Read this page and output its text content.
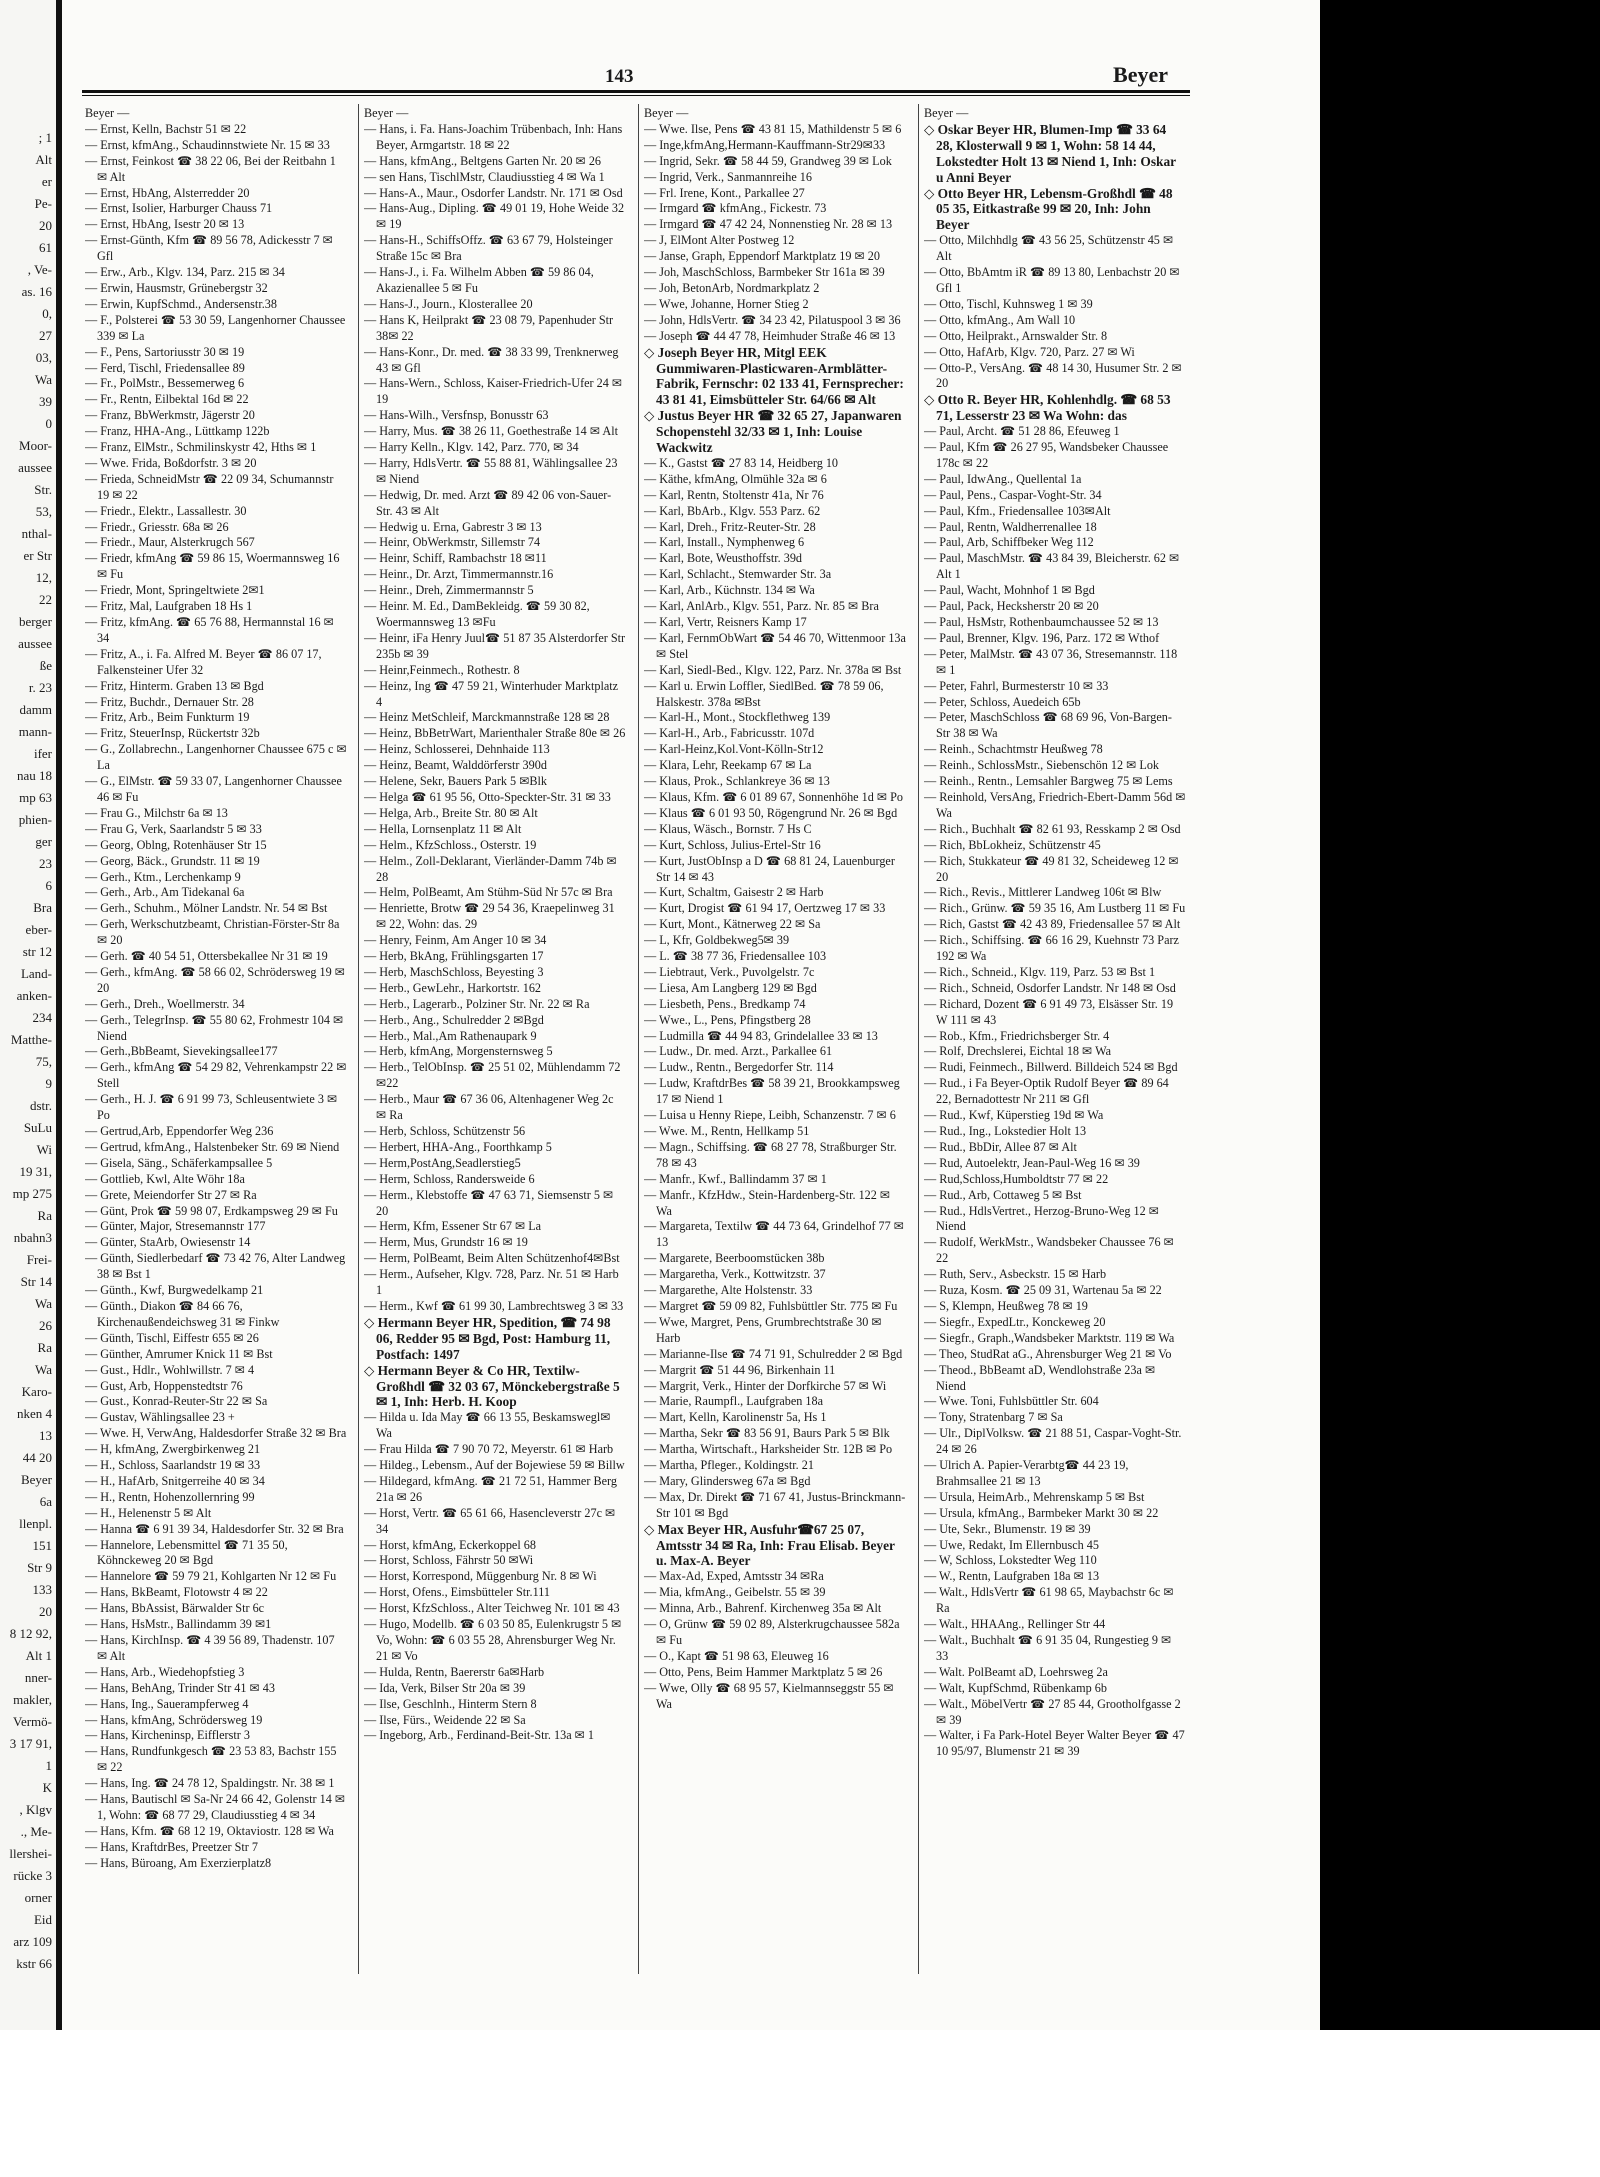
; 1
Alt
er
Pe-
20
61
, Ve-
as. 16
0,
27
03,
Wa
39
0
Moor-
aussee
Str.
53,
nthal-
er Str
12,
22
berger
aussee
ße
r. 23
damm
mann-
ifer
nau 18
mp 63
phien-
ger
23
6
Bra
eber-
str 12
Land-
anken-
234
Matthe-
75,
9
dstr.
SuLu
Wi
19 31,
mp 275
Ra
nbahn3
Frei-
Str 14
Wa
26
Ra
Wa
Karo-
nken 4
13
44 20
Beyer
6a
llenpl.
151
Str 9
133
20
8 12 92,
Alt 1
nner-
makler,
Vermö-
3 17 91,
1
K
, Klgv
., Me-
llershei-
rücke 3
orner
Eid
arz 109
kstr 66
143	Beyer

Beyer —

— Ernst, Kelln, Bachstr 51 ✉ 22

— Ernst, kfmAng., Schaudinnstwiete Nr. 15 ✉ 33

— Ernst, Feinkost ☎ 38 22 06, Bei der Reitbahn 1 ✉ Alt

— Ernst, HbAng, Alsterredder 20

— Ernst, Isolier, Harburger Chauss 71

— Ernst, HbAng, Isestr 20 ✉ 13

— Ernst-Günth, Kfm ☎ 89 56 78, Adickesstr 7 ✉ Gfl

— Erw., Arb., Klgv. 134, Parz. 215 ✉ 34

— Erwin, Hausmstr, Grünebergstr 32

— Erwin, KupfSchmd., Andersenstr.38

— F., Polsterei ☎ 53 30 59, Langenhorner Chaussee 339 ✉ La

— F., Pens, Sartoriusstr 30 ✉ 19

— Ferd, Tischl, Friedensallee 89

— Fr., PolMstr., Bessemerweg 6

— Fr., Rentn, Eilbektal 16d ✉ 22

— Franz, BbWerkmstr, Jägerstr 20

— Franz, HHA-Ang., Lüttkamp 122b

— Franz, ElMstr., Schmilinskystr 42, Hths ✉ 1

— Wwe. Frida, Boßdorfstr. 3 ✉ 20

— Frieda, SchneidMstr ☎ 22 09 34, Schumannstr 19 ✉ 22

— Friedr., Elektr., Lassallestr. 30

— Friedr., Griesstr. 68a ✉ 26

— Friedr., Maur, Alsterkrugch 567

— Friedr, kfmAng ☎ 59 86 15, Woermannsweg 16 ✉ Fu

— Friedr, Mont, Springeltwiete 2✉1

— Fritz, Mal, Laufgraben 18 Hs 1

— Fritz, kfmAng. ☎ 65 76 88, Hermannstal 16 ✉ 34

— Fritz, A., i. Fa. Alfred M. Beyer ☎ 86 07 17, Falkensteiner Ufer 32

— Fritz, Hinterm. Graben 13 ✉ Bgd

— Fritz, Buchdr., Dernauer Str. 28

— Fritz, Arb., Beim Funkturm 19

— Fritz, SteuerInsp, Rückertstr 32b

— G., Zollabrechn., Langenhorner Chaussee 675 c ✉ La

— G., ElMstr. ☎ 59 33 07, Langenhorner Chaussee 46 ✉ Fu

— Frau G., Milchstr 6a ✉ 13

— Frau G, Verk, Saarlandstr 5 ✉ 33

— Georg, Oblng, Rotenhäuser Str 15

— Georg, Bäck., Grundstr. 11 ✉ 19

— Gerh., Ktm., Lerchenkamp 9

— Gerh., Arb., Am Tidekanal 6a

— Gerh., Schuhm., Mölner Landstr. Nr. 54 ✉ Bst

— Gerh, Werkschutzbeamt, Christian-Förster-Str 8a ✉ 20

— Gerh. ☎ 40 54 51, Ottersbekallee Nr 31 ✉ 19

— Gerh., kfmAng. ☎ 58 66 02, Schrödersweg 19 ✉ 20

— Gerh., Dreh., Woellmerstr. 34

— Gerh., TelegrInsp. ☎ 55 80 62, Frohmestr 104 ✉ Niend

— Gerh.,BbBeamt, Sievekingsallee177

— Gerh., kfmAng ☎ 54 29 82, Vehrenkampstr 22 ✉ Stell

— Gerh., H. J. ☎ 6 91 99 73, Schleusentwiete 3 ✉ Po

— Gertrud,Arb, Eppendorfer Weg 236

— Gertrud, kfmAng., Halstenbeker Str. 69 ✉ Niend

— Gisela, Säng., Schäferkampsallee 5

— Gottlieb, Kwl, Alte Wöhr 18a

— Grete, Meiendorfer Str 27 ✉ Ra

— Günt, Prok ☎ 59 98 07, Erdkampsweg 29 ✉ Fu

— Günter, Major, Stresemannstr 177

— Günter, StaArb, Owiesenstr 14

— Günth, Siedlerbedarf ☎ 73 42 76, Alter Landweg 38 ✉ Bst 1

— Günth., Kwf, Burgwedelkamp 21

— Günth., Diakon ☎ 84 66 76, Kirchenaußendeichsweg 31 ✉ Finkw

— Günth, Tischl, Eiffestr 655 ✉ 26

— Günther, Amrumer Knick 11 ✉ Bst

— Gust., Hdlr., Wohlwillstr. 7 ✉ 4

— Gust, Arb, Hoppenstedtstr 76

— Gust., Konrad-Reuter-Str 22 ✉ Sa

— Gustav, Wählingsallee 23 +

— Wwe. H, VerwAng, Haldesdorfer Straße 32 ✉ Bra

— H, kfmAng, Zwergbirkenweg 21

— H., Schloss, Saarlandstr 19 ✉ 33

— H., HafArb, Snitgerreihe 40 ✉ 34

— H., Rentn, Hohenzollernring 99

— H., Helenenstr 5 ✉ Alt

— Hanna ☎ 6 91 39 34, Haldesdorfer Str. 32 ✉ Bra

— Hannelore, Lebensmittel ☎ 71 35 50, Köhnckeweg 20 ✉ Bgd

— Hannelore ☎ 59 79 21, Kohlgarten Nr 12 ✉ Fu

— Hans, BkBeamt, Flotowstr 4 ✉ 22

— Hans, BbAssist, Bärwalder Str 6c

— Hans, HsMstr., Ballindamm 39 ✉1

— Hans, KirchInsp. ☎ 4 39 56 89, Thadenstr. 107 ✉ Alt

— Hans, Arb., Wiedehopfstieg 3

— Hans, BehAng, Trinder Str 41 ✉ 43

— Hans, Ing., Sauerampferweg 4

— Hans, kfmAng, Schrödersweg 19

— Hans, Kircheninsp, Eifflerstr 3

— Hans, Rundfunkgesch ☎ 23 53 83, Bachstr 155 ✉ 22

— Hans, Ing. ☎ 24 78 12, Spaldingstr. Nr. 38 ✉ 1

— Hans, Bautischl ✉ Sa-Nr 24 66 42, Golenstr 14 ✉ 1, Wohn: ☎ 68 77 29, Claudiusstieg 4 ✉ 34

— Hans, Kfm. ☎ 68 12 19, Oktaviostr. 128 ✉ Wa

— Hans, KraftdrBes, Preetzer Str 7

— Hans, Büroang, Am Exerzierplatz8

Beyer —

— Hans, i. Fa. Hans-Joachim Trübenbach, Inh: Hans Beyer, Armgartstr. 18 ✉ 22

— Hans, kfmAng., Beltgens Garten Nr. 20 ✉ 26

— sen Hans, TischlMstr, Claudiusstieg 4 ✉ Wa 1

— Hans-A., Maur., Osdorfer Landstr. Nr. 171 ✉ Osd

— Hans-Aug., Dipling. ☎ 49 01 19, Hohe Weide 32 ✉ 19

— Hans-H., SchiffsOffz. ☎ 63 67 79, Holsteinger Straße 15c ✉ Bra

— Hans-J., i. Fa. Wilhelm Abben ☎ 59 86 04, Akazienallee 5 ✉ Fu

— Hans-J., Journ., Klosterallee 20

— Hans K, Heilprakt ☎ 23 08 79, Papenhuder Str 38✉ 22

— Hans-Konr., Dr. med. ☎ 38 33 99, Trenknerweg 43 ✉ Gfl

— Hans-Wern., Schloss, Kaiser-Friedrich-Ufer 24 ✉ 19

— Hans-Wilh., Versfnsp, Bonusstr 63

— Harry, Mus. ☎ 38 26 11, Goethestraße 14 ✉ Alt

— Harry Kelln., Klgv. 142, Parz. 770, ✉ 34

— Harry, HdlsVertr. ☎ 55 88 81, Wählingsallee 23 ✉ Niend

— Hedwig, Dr. med. Arzt ☎ 89 42 06 von-Sauer-Str. 43 ✉ Alt

— Hedwig u. Erna, Gabrestr 3 ✉ 13

— Heinr, ObWerkmstr, Sillemstr 74

— Heinr, Schiff, Rambachstr 18 ✉11

— Heinr., Dr. Arzt, Timmermannstr.16

— Heinr., Dreh, Zimmermannstr 5

— Heinr. M. Ed., DamBekleidg. ☎ 59 30 82, Woermannsweg 13 ✉Fu

— Heinr, iFa Henry Juul☎ 51 87 35 Alsterdorfer Str 235b ✉ 39

— Heinr,Feinmech., Rothestr. 8

— Heinz, Ing ☎ 47 59 21, Winterhuder Marktplatz 4

— Heinz MetSchleif, Marckmannstraße 128 ✉ 28

— Heinz, BbBetrWart, Marienthaler Straße 80e ✉ 26

— Heinz, Schlosserei, Dehnhaide 113

— Heinz, Beamt, Walddörferstr 390d

— Helene, Sekr, Bauers Park 5 ✉Blk

— Helga ☎ 61 95 56, Otto-Speckter-Str. 31 ✉ 33

— Helga, Arb., Breite Str. 80 ✉ Alt

— Hella, Lornsenplatz 11 ✉ Alt

— Helm., KfzSchloss., Osterstr. 19

— Helm., Zoll-Deklarant, Vierländer-Damm 74b ✉ 28

— Helm, PolBeamt, Am Stühm-Süd Nr 57c ✉ Bra

— Henriette, Brotw ☎ 29 54 36, Kraepelinweg 31 ✉ 22, Wohn: das. 29

— Henry, Feinm, Am Anger 10 ✉ 34

— Herb, BkAng, Frühlingsgarten 17

— Herb, MaschSchloss, Beyesting 3

— Herb., GewLehr., Harkortstr. 162

— Herb., Lagerarb., Polziner Str. Nr. 22 ✉ Ra

— Herb., Ang., Schulredder 2 ✉Bgd

— Herb., Mal.,Am Rathenaupark 9

— Herb, kfmAng, Morgensternsweg 5

— Herb., TelObInsp. ☎ 25 51 02, Mühlendamm 72✉22

— Herb., Maur ☎ 67 36 06, Altenhagener Weg 2c ✉ Ra

— Herb, Schloss, Schützenstr 56

— Herbert, HHA-Ang., Foorthkamp 5

— Herm,PostAng,Seadlerstieg5

— Herm, Schloss, Randersweide 6

— Herm., Klebstoffe ☎ 47 63 71, Siemsenstr 5 ✉ 20

— Herm, Kfm, Essener Str 67 ✉ La

— Herm, Mus, Grundstr 16 ✉ 19

— Herm, PolBeamt, Beim Alten Schützenhof4✉Bst

— Herm., Aufseher, Klgv. 728, Parz. Nr. 51 ✉ Harb 1

— Herm., Kwf ☎ 61 99 30, Lambrechtsweg 3 ✉ 33

◇ Hermann Beyer HR, Spedition, ☎ 74 98 06, Redder 95 ✉ Bgd, Post: Hamburg 11, Postfach: 1497

◇ Hermann Beyer & Co HR, Textilw-Großhdl ☎ 32 03 67, Mönckebergstraße 5 ✉ 1, Inh: Herb. H. Koop

— Hilda u. Ida May ☎ 66 13 55, Beskamswegl✉Wa

— Frau Hilda ☎ 7 90 70 72, Meyerstr. 61 ✉ Harb

— Hildeg., Lebensm., Auf der Bojewiese 59 ✉ Billw

— Hildegard, kfmAng. ☎ 21 72 51, Hammer Berg 21a ✉ 26

— Horst, Vertr. ☎ 65 61 66, Hasencleverstr 27c ✉ 34

— Horst, kfmAng, Eckerkoppel 68

— Horst, Schloss, Fährstr 50 ✉Wi

— Horst, Korrespond, Müggenburg Nr. 8 ✉ Wi

— Horst, Ofens., Eimsbütteler Str.111

— Horst, KfzSchloss., Alter Teichweg Nr. 101 ✉ 43

— Hugo, Modellb. ☎ 6 03 50 85, Eulenkrugstr 5 ✉ Vo, Wohn: ☎ 6 03 55 28, Ahrensburger Weg Nr. 21 ✉ Vo

— Hulda, Rentn, Baererstr 6a✉Harb

— Ida, Verk, Bilser Str 20a ✉ 39

— Ilse, Geschlnh., Hinterm Stern 8

— Ilse, Fürs., Weidende 22 ✉ Sa

— Ingeborg, Arb., Ferdinand-Beit-Str. 13a ✉ 1

Beyer —

— Wwe. Ilse, Pens ☎ 43 81 15, Mathildenstr 5 ✉ 6

— Inge,kfmAng,Hermann-Kauffmann-Str29✉33

— Ingrid, Sekr. ☎ 58 44 59, Grandweg 39 ✉ Lok

— Ingrid, Verk., Sanmannreihe 16

— Frl. Irene, Kont., Parkallee 27

— Irmgard ☎ kfmAng., Fickestr. 73

— Irmgard ☎ 47 42 24, Nonnenstieg Nr. 28 ✉ 13

— J, ElMont Alter Postweg 12

— Janse, Graph, Eppendorf Marktplatz 19 ✉ 20

— Joh, MaschSchloss, Barmbeker Str 161a ✉ 39

— Joh, BetonArb, Nordmarkplatz 2

— Wwe, Johanne, Horner Stieg 2

— John, HdlsVertr. ☎ 34 23 42, Pilatuspool 3 ✉ 36

— Joseph ☎ 44 47 78, Heimhuder Straße 46 ✉ 13

◇ Joseph Beyer HR, Mitgl EEK Gummiwaren-Plasticwaren-Armblätter-Fabrik, Fernschr: 02 133 41, Fernsprecher: 43 81 41, Eimsbütteler Str. 64/66 ✉ Alt

◇ Justus Beyer HR ☎ 32 65 27, Japanwaren Schopenstehl 32/33 ✉ 1, Inh: Louise Wackwitz

— K., Gastst ☎ 27 83 14, Heidberg 10

— Käthe, kfmAng, Olmühle 32a ✉ 6

— Karl, Rentn, Stoltenstr 41a, Nr 76

— Karl, BbArb., Klgv. 553 Parz. 62

— Karl, Dreh., Fritz-Reuter-Str. 28

— Karl, Install., Nymphenweg 6

— Karl, Bote, Weusthoffstr. 39d

— Karl, Schlacht., Stemwarder Str. 3a

— Karl, Arb., Küchnstr. 134 ✉ Wa

— Karl, AnlArb., Klgv. 551, Parz. Nr. 85 ✉ Bra

— Karl, Vertr, Reisners Kamp 17

— Karl, FernmObWart ☎ 54 46 70, Wittenmoor 13a ✉ Stel

— Karl, Siedl-Bed., Klgv. 122, Parz. Nr. 378a ✉ Bst

— Karl u. Erwin Loffler, SiedlBed. ☎ 78 59 06, Halskestr. 378a ✉Bst

— Karl-H., Mont., Stockflethweg 139

— Karl-H., Arb., Fabricusstr. 107d

— Karl-Heinz,Kol.Vont-Kölln-Str12

— Klara, Lehr, Reekamp 67 ✉ La

— Klaus, Prok., Schlankreye 36 ✉ 13

— Klaus, Kfm. ☎ 6 01 89 67, Sonnenhöhe 1d ✉ Po

— Klaus ☎ 6 01 93 50, Rögengrund Nr. 26 ✉ Bgd

— Klaus, Wäsch., Bornstr. 7 Hs C

— Kurt, Schloss, Julius-Ertel-Str 16

— Kurt, JustObInsp a D ☎ 68 81 24, Lauenburger Str 14 ✉ 43

— Kurt, Schaltm, Gaisestr 2 ✉ Harb

— Kurt, Drogist ☎ 61 94 17, Oertzweg 17 ✉ 33

— Kurt, Mont., Kätnerweg 22 ✉ Sa

— L, Kfr, Goldbekweg5✉ 39

— L. ☎ 38 77 36, Friedensallee 103

— Liebtraut, Verk., Puvolgelstr. 7c

— Liesa, Am Langberg 129 ✉ Bgd

— Liesbeth, Pens., Bredkamp 74

— Wwe., L., Pens, Pfingstberg 28

— Ludmilla ☎ 44 94 83, Grindelallee 33 ✉ 13

— Ludw., Dr. med. Arzt., Parkallee 61

— Ludw., Rentn., Bergedorfer Str. 114

— Ludw, KraftdrBes ☎ 58 39 21, Brookkampsweg 17 ✉ Niend 1

— Luisa u Henny Riepe, Leibh, Schanzenstr. 7 ✉ 6

— Wwe. M., Rentn, Hellkamp 51

— Magn., Schiffsing. ☎ 68 27 78, Straßburger Str. 78 ✉ 43

— Manfr., Kwf., Ballindamm 37 ✉ 1

— Manfr., KfzHdw., Stein-Hardenberg-Str. 122 ✉ Wa

— Margareta, Textilw ☎ 44 73 64, Grindelhof 77 ✉ 13

— Margarete, Beerboomstücken 38b

— Margaretha, Verk., Kottwitzstr. 37

— Margarethe, Alte Holstenstr. 33

— Margret ☎ 59 09 82, Fuhlsbüttler Str. 775 ✉ Fu

— Wwe, Margret, Pens, Grumbrechtstraße 30 ✉ Harb

— Marianne-Ilse ☎ 74 71 91, Schulredder 2 ✉ Bgd

— Margrit ☎ 51 44 96, Birkenhain 11

— Margrit, Verk., Hinter der Dorfkirche 57 ✉ Wi

— Marie, Raumpfl., Laufgraben 18a

— Mart, Kelln, Karolinenstr 5a, Hs 1

— Martha, Sekr ☎ 83 56 91, Baurs Park 5 ✉ Blk

— Martha, Wirtschaft., Harksheider Str. 12B ✉ Po

— Martha, Pfleger., Koldingstr. 21

— Mary, Glindersweg 67a ✉ Bgd

— Max, Dr. Direkt ☎ 71 67 41, Justus-Brinckmann-Str 101 ✉ Bgd

◇ Max Beyer HR, Ausfuhr☎67 25 07, Amtsstr 34 ✉ Ra, Inh: Frau Elisab. Beyer u. Max-A. Beyer

— Max-Ad, Exped, Amtsstr 34 ✉Ra

— Mia, kfmAng., Geibelstr. 55 ✉ 39

— Minna, Arb., Bahrenf. Kirchenweg 35a ✉ Alt

— O, Grünw ☎ 59 02 89, Alsterkrugchaussee 582a ✉ Fu

— O., Kapt ☎ 51 98 63, Eleuweg 16

— Otto, Pens, Beim Hammer Marktplatz 5 ✉ 26

— Wwe, Olly ☎ 68 95 57, Kielmannseggstr 55 ✉ Wa

Beyer —

◇ Oskar Beyer HR, Blumen-Imp ☎ 33 64 28, Klosterwall 9 ✉ 1, Wohn: 58 14 44, Lokstedter Holt 13 ✉ Niend 1, Inh: Oskar u Anni Beyer

◇ Otto Beyer HR, Lebensm-Großhdl ☎ 48 05 35, Eitkastraße 99 ✉ 20, Inh: John Beyer

— Otto, Milchhdlg ☎ 43 56 25, Schützenstr 45 ✉ Alt

— Otto, BbAmtm iR ☎ 89 13 80, Lenbachstr 20 ✉ Gfl 1

— Otto, Tischl, Kuhnsweg 1 ✉ 39

— Otto, kfmAng., Am Wall 10

— Otto, Heilprakt., Arnswalder Str. 8

— Otto, HafArb, Klgv. 720, Parz. 27 ✉ Wi

— Otto-P., VersAng. ☎ 48 14 30, Husumer Str. 2 ✉ 20

◇ Otto R. Beyer HR, Kohlenhdlg. ☎ 68 53 71, Lesserstr 23 ✉ Wa Wohn: das

— Paul, Archt. ☎ 51 28 86, Efeuweg 1

— Paul, Kfm ☎ 26 27 95, Wandsbeker Chaussee 178c ✉ 22

— Paul, IdwAng., Quellental 1a

— Paul, Pens., Caspar-Voght-Str. 34

— Paul, Kfm., Friedensallee 103✉Alt

— Paul, Rentn, Waldherrenallee 18

— Paul, Arb, Schiffbeker Weg 112

— Paul, MaschMstr. ☎ 43 84 39, Bleicherstr. 62 ✉ Alt 1

— Paul, Wacht, Mohnhof 1 ✉ Bgd

— Paul, Pack, Hecksherstr 20 ✉ 20

— Paul, HsMstr, Rothenbaumchaussee 52 ✉ 13

— Paul, Brenner, Klgv. 196, Parz. 172 ✉ Wthof

— Peter, MalMstr. ☎ 43 07 36, Stresemannstr. 118 ✉ 1

— Peter, Fahrl, Burmesterstr 10 ✉ 33

— Peter, Schloss, Auedeich 65b

— Peter, MaschSchloss ☎ 68 69 96, Von-Bargen-Str 38 ✉ Wa

— Reinh., Schachtmstr Heußweg 78

— Reinh., SchlossMstr., Siebenschön 12 ✉ Lok

— Reinh., Rentn., Lemsahler Bargweg 75 ✉ Lems

— Reinhold, VersAng, Friedrich-Ebert-Damm 56d ✉ Wa

— Rich., Buchhalt ☎ 82 61 93, Resskamp 2 ✉ Osd

— Rich, BbLokheiz, Schützenstr 45

— Rich, Stukkateur ☎ 49 81 32, Scheideweg 12 ✉ 20

— Rich., Revis., Mittlerer Landweg 106t ✉ Blw

— Rich., Grünw. ☎ 59 35 16, Am Lustberg 11 ✉ Fu

— Rich, Gastst ☎ 42 43 89, Friedensallee 57 ✉ Alt

— Rich., Schiffsing. ☎ 66 16 29, Kuehnstr 73 Parz 192 ✉ Wa

— Rich., Schneid., Klgv. 119, Parz. 53 ✉ Bst 1

— Rich., Schneid, Osdorfer Landstr. Nr 148 ✉ Osd

— Richard, Dozent ☎ 6 91 49 73, Elsässer Str. 19 W 111 ✉ 43

— Rob., Kfm., Friedrichsberger Str. 4

— Rolf, Drechslerei, Eichtal 18 ✉ Wa

— Rudi, Feinmech., Billwerd. Billdeich 524 ✉ Bgd

— Rud., i Fa Beyer-Optik Rudolf Beyer ☎ 89 64 22, Bernadottestr Nr 211 ✉ Gfl

— Rud., Kwf, Küperstieg 19d ✉ Wa

— Rud., Ing., Lokstedier Holt 13

— Rud., BbDir, Allee 87 ✉ Alt

— Rud, Autoelektr, Jean-Paul-Weg 16 ✉ 39

— Rud,Schloss,Humboldtstr 77 ✉ 22

— Rud., Arb, Cottaweg 5 ✉ Bst

— Rud., HdlsVertret., Herzog-Bruno-Weg 12 ✉ Niend

— Rudolf, WerkMstr., Wandsbeker Chaussee 76 ✉ 22

— Ruth, Serv., Asbeckstr. 15 ✉ Harb

— Ruza, Kosm. ☎ 25 09 31, Wartenau 5a ✉ 22

— S, Klempn, Heußweg 78 ✉ 19

— Siegfr., ExpedLtr., Konckeweg 20

— Siegfr., Graph.,Wandsbeker Marktstr. 119 ✉ Wa

— Theo, StudRat aG., Ahrensburger Weg 21 ✉ Vo

— Theod., BbBeamt aD, Wendlohstraße 23a ✉ Niend

— Wwe. Toni, Fuhlsbüttler Str. 604

— Tony, Stratenbarg 7 ✉ Sa

— Ulr., DiplVolksw. ☎ 21 88 51, Caspar-Voght-Str. 24 ✉ 26

— Ulrich A. Papier-Verarbtg☎ 44 23 19, Brahmsallee 21 ✉ 13

— Ursula, HeimArb., Mehrenskamp 5 ✉ Bst

— Ursula, kfmAng., Barmbeker Markt 30 ✉ 22

— Ute, Sekr., Blumenstr. 19 ✉ 39

— Uwe, Redakt, Im Ellernbusch 45

— W, Schloss, Lokstedter Weg 110

— W., Rentn, Laufgraben 18a ✉ 13

— Walt., HdlsVertr ☎ 61 98 65, Maybachstr 6c ✉ Ra

— Walt., HHAAng., Rellinger Str 44

— Walt., Buchhalt ☎ 6 91 35 04, Rungestieg 9 ✉ 33

— Walt. PolBeamt aD, Loehrsweg 2a

— Walt, KupfSchmd, Rübenkamp 6b

— Walt., MöbelVertr ☎ 27 85 44, Grootholfgasse 2 ✉ 39

— Walter, i Fa Park-Hotel Beyer Walter Beyer ☎ 47 10 95/97, Blumenstr 21 ✉ 39
